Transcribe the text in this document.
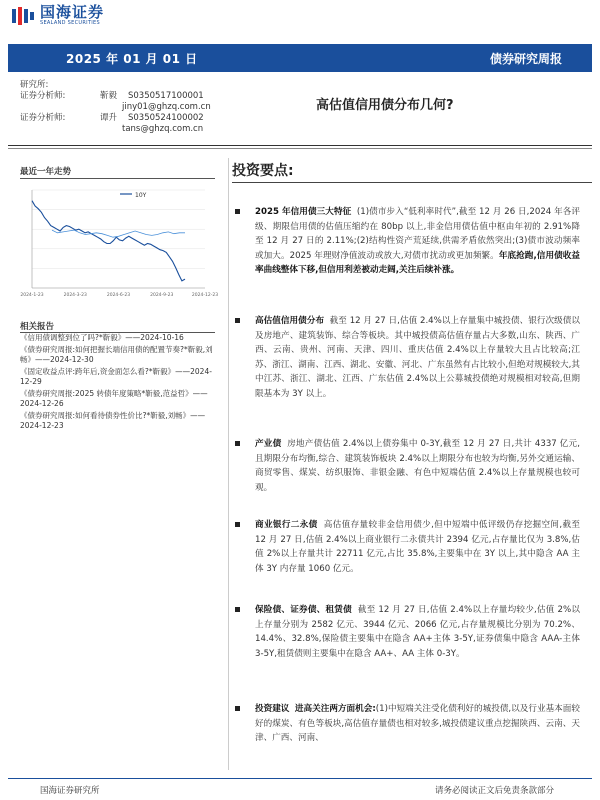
国海证券
SEALAND SECURITIES
2025 年 01 月 01 日	债券研究周报
研究所:
证券分析师:	靳毅	S0350517100001
jiny01@ghzq.com.cn
证券分析师:	谭升	S0350524100002
tans@ghzq.com.cn
高估值信用债分布几何?
最近一年走势
10Y
2024-1-23	2024-3-23	2024-6-23	2024-9-23	2024-12-23
相关报告
《信用债调整到位了吗?*靳毅》——2024-10-16
《债券研究周报:如何把握长端信用债的配置节奏?*靳毅,刘畅》——2024-12-30
《固定收益点评:跨年后,资金面怎么看?*靳毅》——2024-12-29
《债券研究周报:2025 转债年度策略*靳毅,范益哲》——2024-12-26
《债券研究周报:如何看待债券性价比?*靳毅,刘畅》——2024-12-23
投资要点:
2025 年信用债三大特征 (1)债市步入“低利率时代”,截至 12 月 26 日,2024 年各评级、期限信用债的估值压缩约在 80bp 以上,非金信用债估值中枢由年初的 2.91%降至 12 月 27 日的 2.11%;(2)结构性资产荒延续,供需矛盾依然突出;(3)债市波动频率或加大。2025 年理财净值波动或放大,对债市扰动或更加频繁。年底抢跑,信用债收益率曲线整体下移,但信用利差被动走阔,关注后续补涨。
高估值信用债分布 截至 12 月 27 日,估值 2.4%以上存量集中城投债、银行次级债以及房地产、建筑装饰、综合等板块。其中城投债高估值存量占大多数,山东、陕西、广西、云南、贵州、河南、天津、四川、重庆估值 2.4%以上存量较大且占比较高;江苏、浙江、湖南、江西、湖北、安徽、河北、广东虽然有占比较小,但绝对规模较大,其中江苏、浙江、湖北、江西、广东估值 2.4%以上公募城投债绝对规模相对较高,但期限基本为 3Y 以上。
产业债 房地产债估值 2.4%以上债券集中 0-3Y,截至 12 月 27 日,共计 4337 亿元,且期限分布均衡,综合、建筑装饰板块 2.4%以上期限分布也较为均衡,另外交通运输、商贸零售、煤炭、纺织服饰、非银金融、有色中短端估值 2.4%以上存量规模也较可观。
商业银行二永债 高估值存量较非金信用债少,但中短端中低评级仍存挖掘空间,截至 12 月 27 日,估值 2.4%以上商业银行二永债共计 2394 亿元,占存量比仅为 3.8%,估值 2%以上存量共计 22711 亿元,占比 35.8%,主要集中在 3Y 以上,其中隐含 AA 主体 3Y 内存量 1060 亿元。
保险债、证券债、租赁债 截至 12 月 27 日,估值 2.4%以上存量均较少,估值 2%以上存量分别为 2582 亿元、3944 亿元、2066 亿元,占存量规模比分别为 70.2%、14.4%、32.8%,保险债主要集中在隐含 AA+主体 3-5Y,证券债集中隐含 AAA-主体 3-5Y,租赁债则主要集中在隐含 AA+、AA 主体 0-3Y。
投资建议 进高关注两方面机会:(1)中短端关注受化债利好的城投债,以及行业基本面较好的煤炭、有色等板块,高估值存量债也相对较多,城投债建议重点挖掘陕西、云南、天津、广西、河南、
国海证券研究所	请务必阅读正文后免责条款部分
